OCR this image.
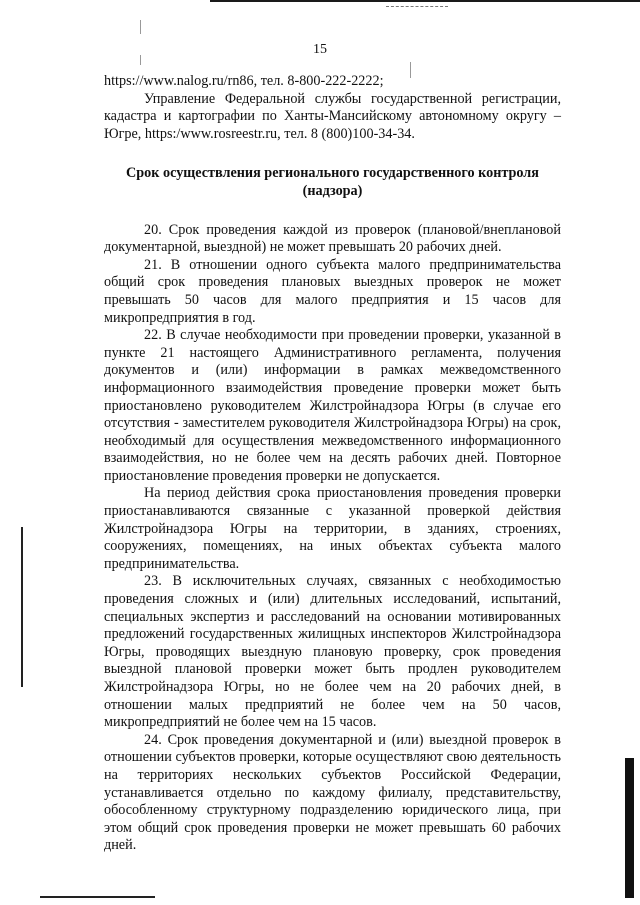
15

https://www.nalog.ru/rn86, тел. 8-800-222-2222;

Управление Федеральной службы государственной регистрации, кадастра и картографии по Ханты-Мансийскому автономному округу – Югре, https:/www.rosreestr.ru, тел. 8 (800)100-34-34.

Срок осуществления регионального государственного контроля (надзора)

20. Срок проведения каждой из проверок (плановой/внеплановой документарной, выездной) не может превышать 20 рабочих дней.

21. В отношении одного субъекта малого предпринимательства общий срок проведения плановых выездных проверок не может превышать 50 часов для малого предприятия и 15 часов для микропредприятия в год.

22. В случае необходимости при проведении проверки, указанной в пункте 21 настоящего Административного регламента, получения документов и (или) информации в рамках межведомственного информационного взаимодействия проведение проверки может быть приостановлено руководителем Жилстройнадзора Югры (в случае его отсутствия - заместителем руководителя Жилстройнадзора Югры) на срок, необходимый для осуществления межведомственного информационного взаимодействия, но не более чем на десять рабочих дней. Повторное приостановление проведения проверки не допускается.

На период действия срока приостановления проведения проверки приостанавливаются связанные с указанной проверкой действия Жилстройнадзора Югры на территории, в зданиях, строениях, сооружениях, помещениях, на иных объектах субъекта малого предпринимательства.

23. В исключительных случаях, связанных с необходимостью проведения сложных и (или) длительных исследований, испытаний, специальных экспертиз и расследований на основании мотивированных предложений государственных жилищных инспекторов Жилстройнадзора Югры, проводящих выездную плановую проверку, срок проведения выездной плановой проверки может быть продлен руководителем Жилстройнадзора Югры, но не более чем на 20 рабочих дней, в отношении малых предприятий не более чем на 50 часов, микропредприятий не более чем на 15 часов.

24. Срок проведения документарной и (или) выездной проверок в отношении субъектов проверки, которые осуществляют свою деятельность на территориях нескольких субъектов Российской Федерации, устанавливается отдельно по каждому филиалу, представительству, обособленному структурному подразделению юридического лица, при этом общий срок проведения проверки не может превышать 60 рабочих дней.
